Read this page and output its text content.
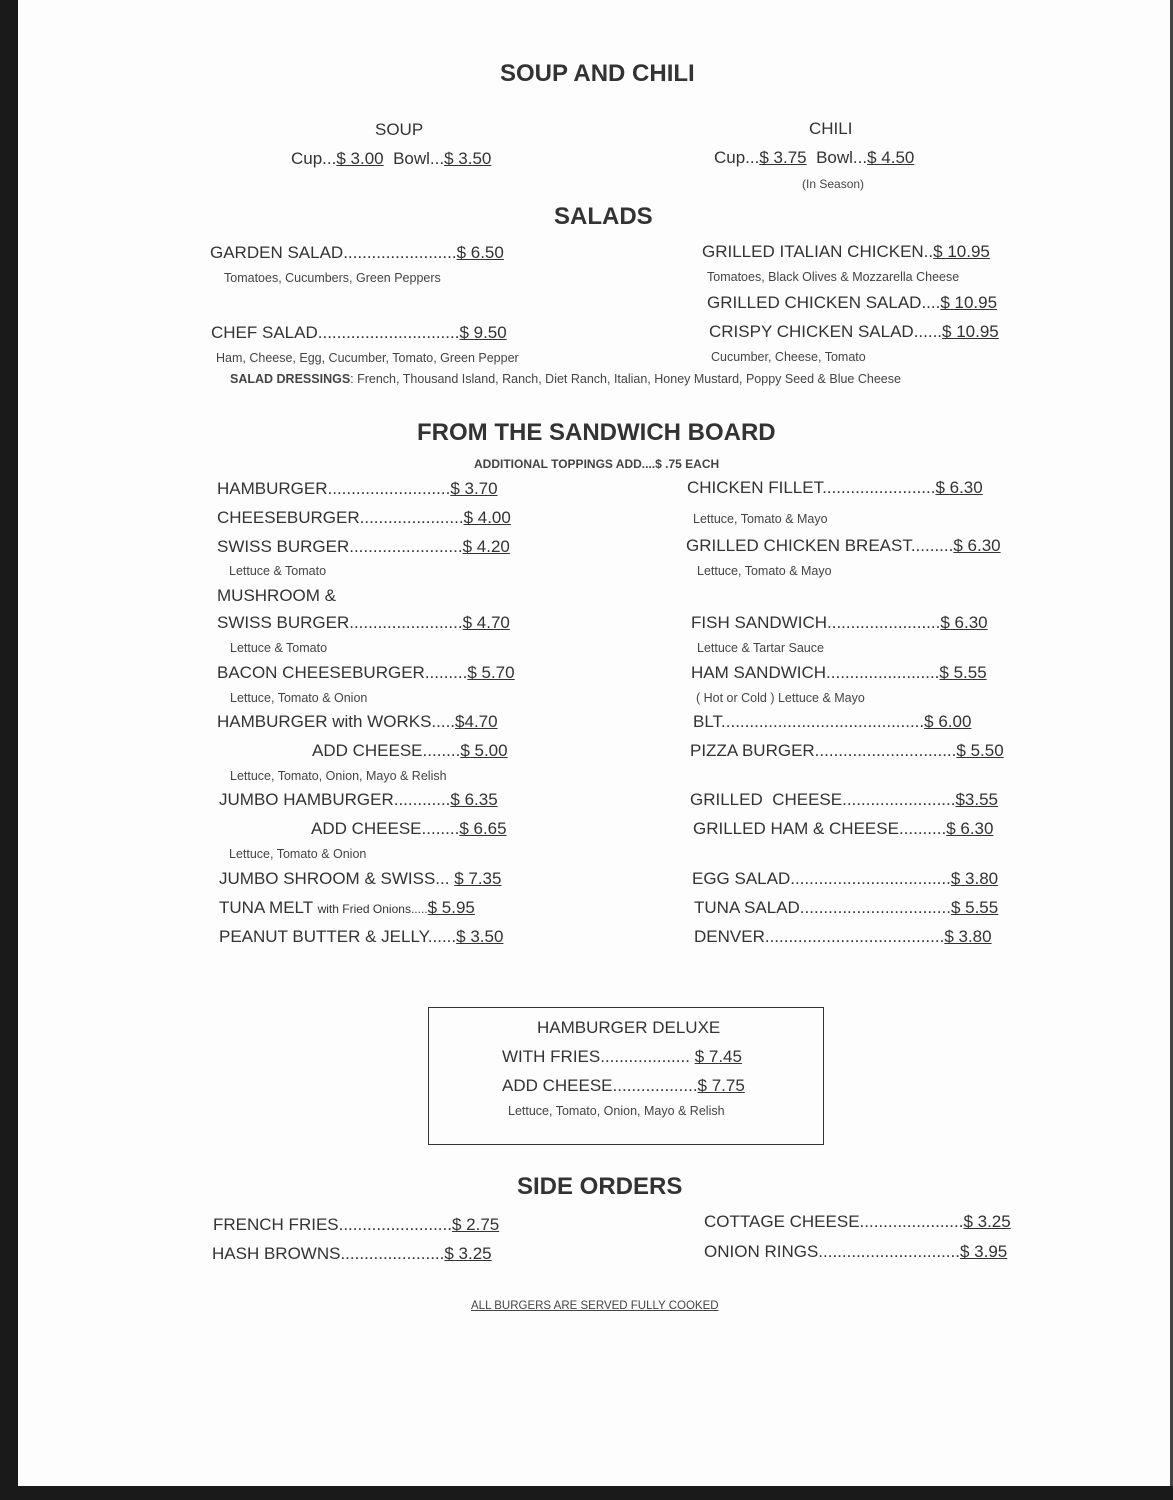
SOUP AND CHILI
SOUP
Cup...$ 3.00 Bowl...$ 3.50
CHILI
Cup...$ 3.75 Bowl...$ 4.50
(In Season)
SALADS
GARDEN SALAD........................$ 6.50
Tomatoes, Cucumbers, Green Peppers
CHEF SALAD..............................$ 9.50
Ham, Cheese, Egg, Cucumber, Tomato, Green Pepper
GRILLED ITALIAN CHICKEN..$ 10.95
Tomatoes, Black Olives & Mozzarella Cheese
GRILLED CHICKEN SALAD....$ 10.95
CRISPY CHICKEN SALAD......$ 10.95
Cucumber, Cheese, Tomato
SALAD DRESSINGS: French, Thousand Island, Ranch, Diet Ranch, Italian, Honey Mustard, Poppy Seed & Blue Cheese
FROM THE SANDWICH BOARD
ADDITIONAL TOPPINGS ADD....$ .75 EACH
HAMBURGER..........................$ 3.70
CHEESEBURGER......................$ 4.00
SWISS BURGER........................$ 4.20
Lettuce & Tomato
MUSHROOM &
SWISS BURGER........................$ 4.70
Lettuce & Tomato
BACON CHEESEBURGER.........$ 5.70
Lettuce, Tomato & Onion
HAMBURGER with WORKS.....$4.70
ADD CHEESE........$ 5.00
Lettuce, Tomato, Onion, Mayo & Relish
JUMBO HAMBURGER............$ 6.35
ADD CHEESE........$ 6.65
Lettuce, Tomato & Onion
JUMBO SHROOM & SWISS... $ 7.35
TUNA MELT with Fried Onions.....$ 5.95
PEANUT BUTTER & JELLY......$ 3.50
CHICKEN FILLET........................$ 6.30
Lettuce, Tomato & Mayo
GRILLED CHICKEN BREAST.........$ 6.30
Lettuce, Tomato & Mayo
FISH SANDWICH........................$ 6.30
Lettuce & Tartar Sauce
HAM SANDWICH........................$ 5.55
( Hot or Cold ) Lettuce & Mayo
BLT...........................................$ 6.00
PIZZA BURGER..............................$ 5.50
GRILLED  CHEESE........................$3.55
GRILLED HAM & CHEESE..........$ 6.30
EGG SALAD..................................$ 3.80
TUNA SALAD................................$ 5.55
DENVER......................................$ 3.80
HAMBURGER DELUXE
WITH FRIES................... $ 7.45
ADD CHEESE..................$ 7.75
Lettuce, Tomato, Onion, Mayo & Relish
SIDE ORDERS
FRENCH FRIES........................$ 2.75
HASH BROWNS......................$ 3.25
COTTAGE CHEESE......................$ 3.25
ONION RINGS..............................$ 3.95
ALL BURGERS ARE SERVED FULLY COOKED
